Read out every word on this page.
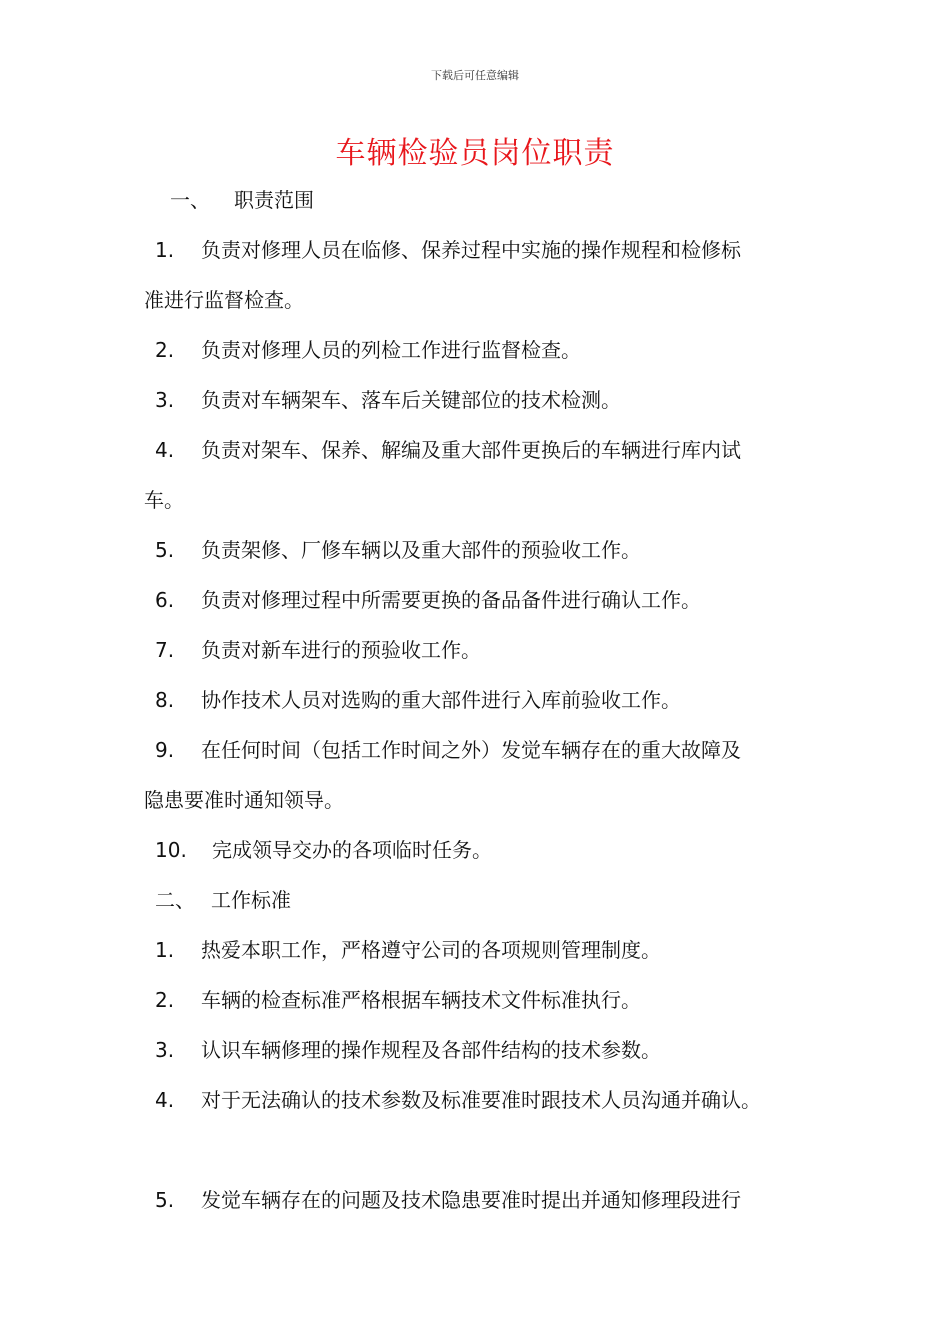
下载后可任意编辑
车辆检验员岗位职责
一、 职责范围
1. 负责对修理人员在临修、保养过程中实施的操作规程和检修标
准进行监督检查。
2. 负责对修理人员的列检工作进行监督检查。
3. 负责对车辆架车、落车后关键部位的技术检测。
4. 负责对架车、保养、解编及重大部件更换后的车辆进行库内试
车。
5. 负责架修、厂修车辆以及重大部件的预验收工作。
6. 负责对修理过程中所需要更换的备品备件进行确认工作。
7. 负责对新车进行的预验收工作。
8. 协作技术人员对选购的重大部件进行入库前验收工作。
9. 在任何时间（包括工作时间之外）发觉车辆存在的重大故障及
隐患要准时通知领导。
10. 完成领导交办的各项临时任务。
二、 工作标准
1. 热爱本职工作，严格遵守公司的各项规则管理制度。
2. 车辆的检查标准严格根据车辆技术文件标准执行。
3. 认识车辆修理的操作规程及各部件结构的技术参数。
4. 对于无法确认的技术参数及标准要准时跟技术人员沟通并确认。
5. 发觉车辆存在的问题及技术隐患要准时提出并通知修理段进行
